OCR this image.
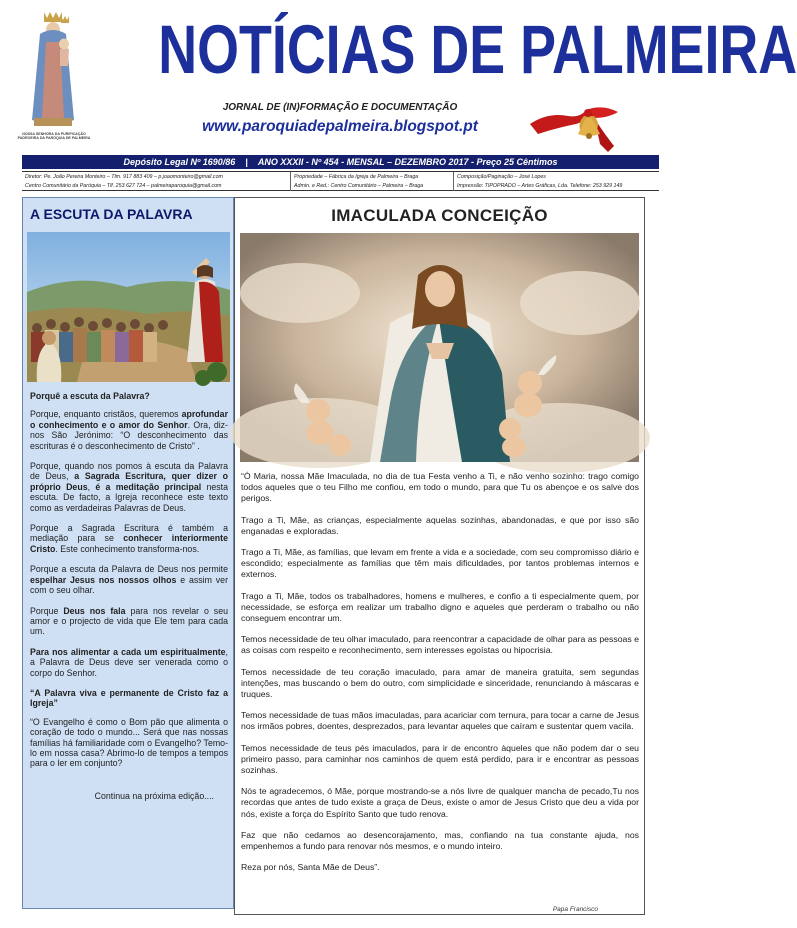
NOSSA SENHORA DA PURIFICAÇÃO
PADROEIRA DA PARÓQUIA DE PALMEIRA
NOTÍCIAS DE PALMEIRA
JORNAL DE (IN)FORMAÇÃO E DOCUMENTAÇÃO
www.paroquiadepalmeira.blogspot.pt
Depósito Legal Nº 1690/86 | ANO XXXII - Nº 454 - MENSAL – DEZEMBRO 2017 - Preço 25 Cêntimos
Diretor: Pe. João Pereira Monteiro – Tlm. 917 883 409 – p.joaomonteiro@gmail.com
Centro Comunitário da Paróquia – Tlf. 253 627 724 – palmeiraparoquia@gmail.com
Propriedade – Fábrica da Igreja de Palmeira – Braga
Admin. e Red.: Centro Comunitário – Palmeira – Braga
Composição/Paginação – José Lopes
Impressão: TIPOPRADO – Artes Gráficas, Lda. Telefone: 253 929 149
A ESCUTA DA PALAVRA

Porquê a escuta da Palavra?

Porque, enquanto cristãos, queremos aprofundar o conhecimento e o amor do Senhor. Ora, diz-nos São Jerónimo: “O desconhecimento das escrituras é o desconhecimento de Cristo” .

Porque, quando nos pomos à escuta da Palavra de Deus, a Sagrada Escritura, quer dizer o próprio Deus, é a meditação principal nesta escuta. De facto, a Igreja reconhece este texto como as verdadeiras Palavras de Deus.

Porque a Sagrada Escritura é também a mediação para se conhecer interiormente Cristo. Este conhecimento transforma-nos.

Porque a escuta da Palavra de Deus nos permite espelhar Jesus nos nossos olhos e assim ver com o seu olhar.

Porque Deus nos fala para nos revelar o seu amor e o projecto de vida que Ele tem para cada um.

Para nos alimentar a cada um espiritualmente, a Palavra de Deus deve ser venerada como o corpo do Senhor.

“A Palavra viva e permanente de Cristo faz a Igreja”

“O Evangelho é como o Bom pão que alimenta o coração de todo o mundo... Será que nas nossas famílias há familiaridade com o Evangelho? Temo-lo em nossa casa? Abrimo-lo de tempos a tempos para o ler em conjunto?

Continua na próxima edição....
IMACULADA CONCEIÇÃO

“Ó Maria, nossa Mãe Imaculada, no dia de tua Festa venho a Ti, e não venho sozinho: trago comigo todos aqueles que o teu Filho me confiou, em todo o mundo, para que Tu os abençoe e os salve dos perigos.

Trago a Ti, Mãe, as crianças, especialmente aquelas sozinhas, abandonadas, e que por isso são enganadas e exploradas.

Trago a Ti, Mãe, as famílias, que levam em frente a vida e a sociedade, com seu compromisso diário e escondido; especialmente as famílias que têm mais dificuldades, por tantos problemas internos e externos.

Trago a Ti, Mãe, todos os trabalhadores, homens e mulheres, e confio a ti especialmente quem, por necessidade, se esforça em realizar um trabalho digno e aqueles que perderam o trabalho ou não conseguem encontrar um.

Temos necessidade de teu olhar imaculado, para reencontrar a capacidade de olhar para as pessoas e as coisas com respeito e reconhecimento, sem interesses egoístas ou hipocrisia.

Temos necessidade de teu coração imaculado, para amar de maneira gratuita, sem segundas intenções, mas buscando o bem do outro, com simplicidade e sinceridade, renunciando à máscaras e truques.

Temos necessidade de tuas mãos imaculadas, para acariciar com ternura, para tocar a carne de Jesus nos irmãos pobres, doentes, desprezados, para levantar aqueles que caíram e sustentar quem vacila.

Temos necessidade de teus pés imaculados, para ir de encontro àqueles que não podem dar o seu primeiro passo, para caminhar nos caminhos de quem está perdido, para ir e encontrar as pessoas sozinhas.

Nós te agradecemos, ó Mãe, porque mostrando-se a nós livre de qualquer mancha de pecado,Tu nos recordas que antes de tudo existe a graça de Deus, existe o amor de Jesus Cristo que deu a vida por nós, existe a força do Espírito Santo que tudo renova.

Faz que não cedamos ao desencorajamento, mas, confiando na tua constante ajuda, nos empenhemos a fundo para renovar nós mesmos, e o mundo inteiro.

Reza por nós, Santa Mãe de Deus”.

Papa Francisco
